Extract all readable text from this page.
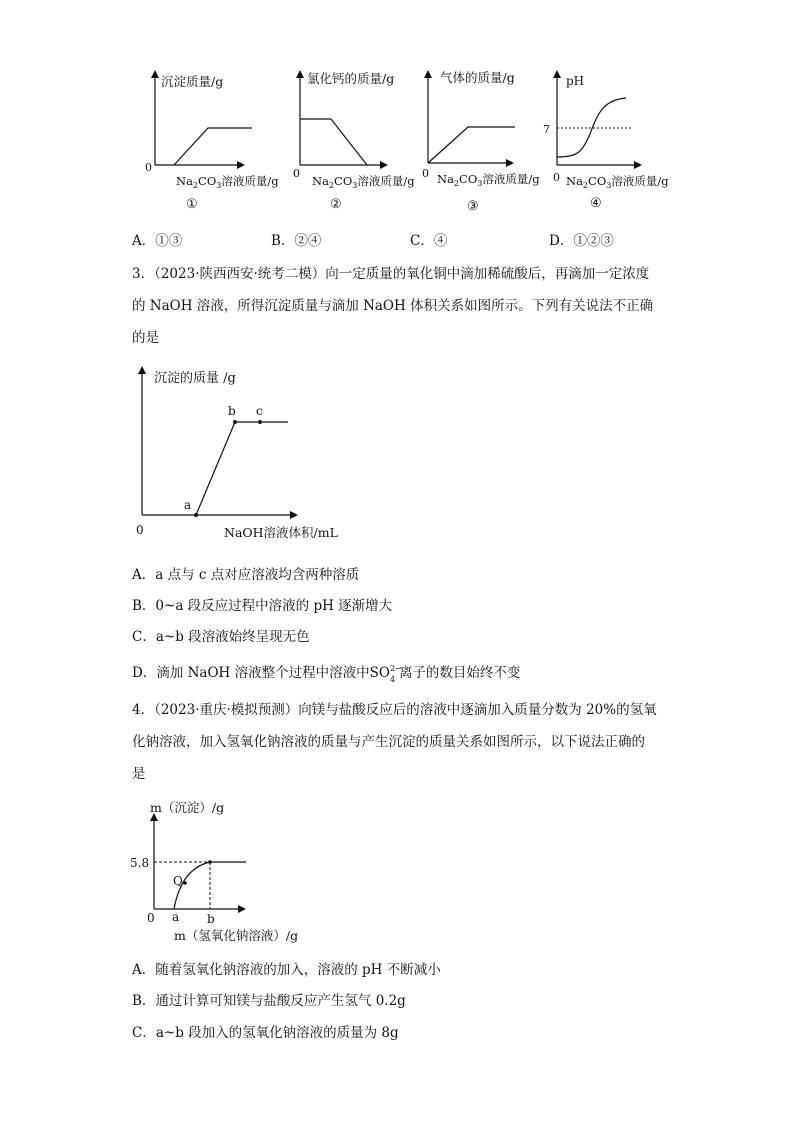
沉淀质量/g
0
$Na_2CO_3$溶液质量/g
①
氯化钙的质量/g
0
$Na_2CO_3$溶液质量/g
②
气体的质量/g
0 $Na_2CO_3$溶液质量/g
③
pH
7
0 $Na_2CO_3$溶液质量/g
④
A．①③	B．②④	C．④	D．①②③
3．（2023·陕西西安·统考二模）向一定质量的氧化铜中滴加稀硫酸后，再滴加一定浓度
的 NaOH 溶液，所得沉淀质量与滴加 NaOH 体积关系如图所示。下列有关说法不正确
的是
沉淀的质量 /g
0
a
b c
NaOH溶液体积/mL
A．a 点与 c 点对应溶液均含两种溶质
B．0~a 段反应过程中溶液的 pH 逐渐增大
C．a~b 段溶液始终呈现无色
D．滴加 NaOH 溶液整个过程中溶液中SO 2−
4 离子的数目始终不变
4．（2023·重庆·模拟预测）向镁与盐酸反应后的溶液中逐滴加入质量分数为 20%的氢氧
化钠溶液，加入氢氧化钠溶液的质量与产生沉淀的质量关系如图所示，以下说法正确的
是
m（沉淀）/g
5.8
Q
0 a b
m（氢氧化钠溶液）/g
A．随着氢氧化钠溶液的加入，溶液的 pH 不断减小
B．通过计算可知镁与盐酸反应产生氢气 0.2g
C．a~b 段加入的氢氧化钠溶液的质量为 8g
